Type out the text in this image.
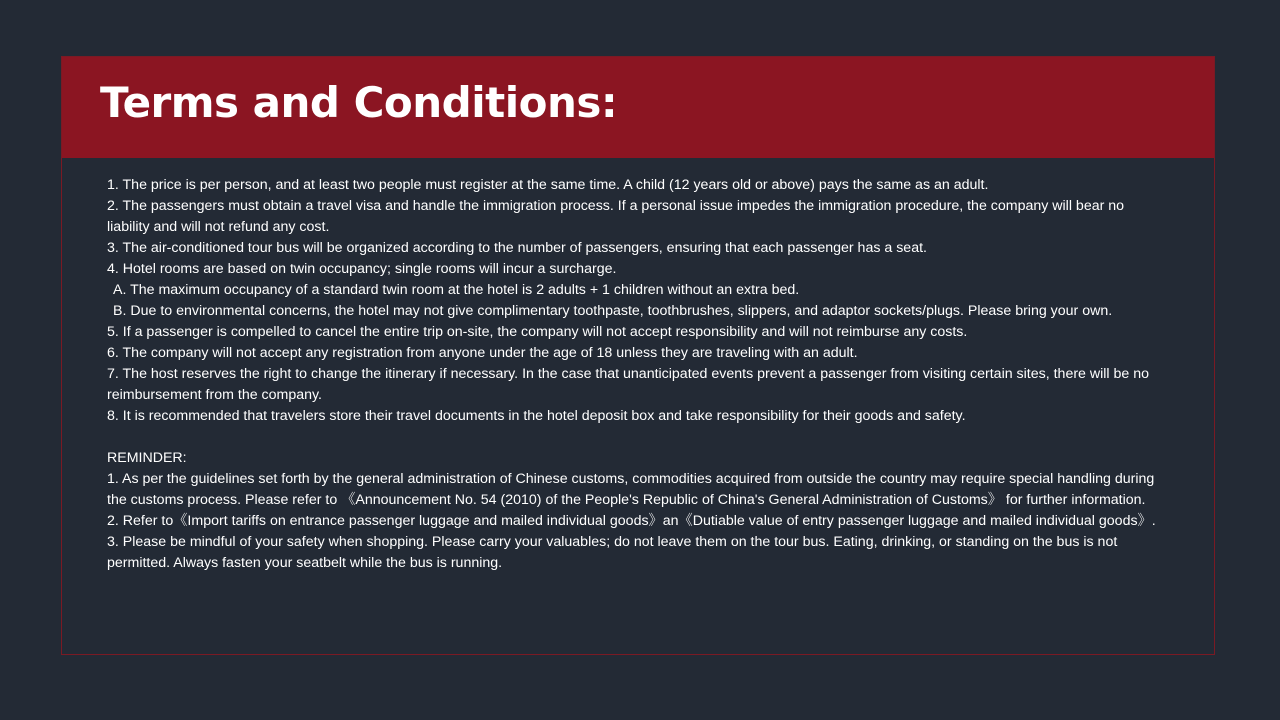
Terms and Conditions:

1. The price is per person, and at least two people must register at the same time. A child (12 years old or above) pays the same as an adult.

2. The passengers must obtain a travel visa and handle the immigration process. If a personal issue impedes the immigration procedure, the company will bear no liability and will not refund any cost.

3. The air-conditioned tour bus will be organized according to the number of passengers, ensuring that each passenger has a seat.

4. Hotel rooms are based on twin occupancy; single rooms will incur a surcharge.

A. The maximum occupancy of a standard twin room at the hotel is 2 adults + 1 children without an extra bed.

B. Due to environmental concerns, the hotel may not give complimentary toothpaste, toothbrushes, slippers, and adaptor sockets/plugs. Please bring your own.

5. If a passenger is compelled to cancel the entire trip on-site, the company will not accept responsibility and will not reimburse any costs.

6. The company will not accept any registration from anyone under the age of 18 unless they are traveling with an adult.

7. The host reserves the right to change the itinerary if necessary. In the case that unanticipated events prevent a passenger from visiting certain sites, there will be no reimbursement from the company.

8. It is recommended that travelers store their travel documents in the hotel deposit box and take responsibility for their goods and safety.

REMINDER:

1. As per the guidelines set forth by the general administration of Chinese customs, commodities acquired from outside the country may require special handling during the customs process. Please refer to 《Announcement No. 54 (2010) of the People's Republic of China's General Administration of Customs》 for further information.

2. Refer to《Import tariffs on entrance passenger luggage and mailed individual goods》an《Dutiable value of entry passenger luggage and mailed individual goods》.

3. Please be mindful of your safety when shopping. Please carry your valuables; do not leave them on the tour bus. Eating, drinking, or standing on the bus is not permitted. Always fasten your seatbelt while the bus is running.
